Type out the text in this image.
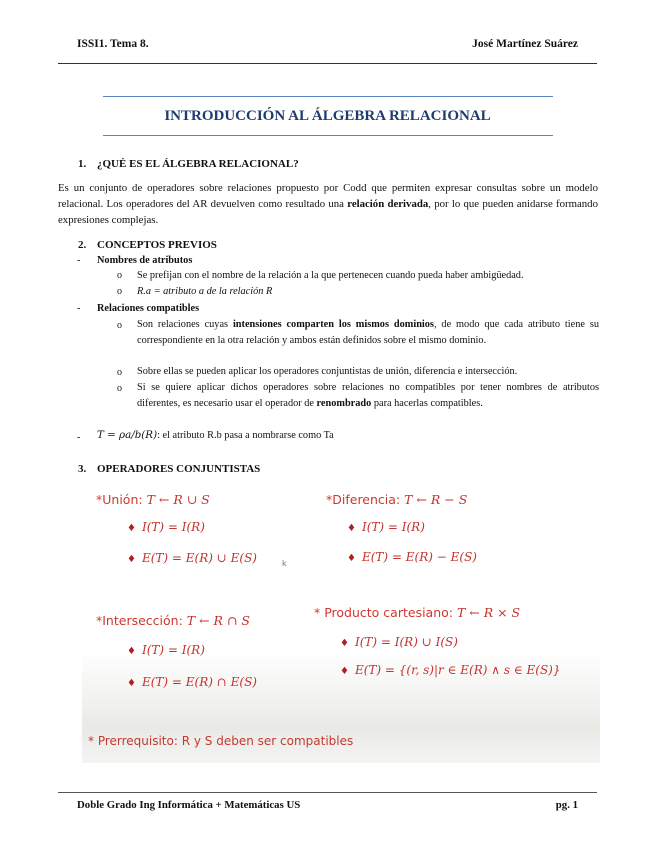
ISSI1. Tema 8.	José Martínez Suárez
INTRODUCCIÓN AL ÁLGEBRA RELACIONAL
1. ¿QUÉ ES EL ÁLGEBRA RELACIONAL?
Es un conjunto de operadores sobre relaciones propuesto por Codd que permiten expresar consultas sobre un modelo relacional. Los operadores del AR devuelven como resultado una relación derivada, por lo que pueden anidarse formando expresiones complejas.
2. CONCEPTOS PREVIOS
- Nombres de atributos
o Se prefijan con el nombre de la relación a la que pertenecen cuando pueda haber ambigüedad.
o R.a = atributo a de la relación R
- Relaciones compatibles
o Son relaciones cuyas intensiones comparten los mismos dominios, de modo que cada atributo tiene su correspondiente en la otra relación y ambos están definidos sobre el mismo dominio.
o Sobre ellas se pueden aplicar los operadores conjuntistas de unión, diferencia e intersección.
o Si se quiere aplicar dichos operadores sobre relaciones no compatibles por tener nombres de atributos diferentes, es necesario usar el operador de renombrado para hacerlas compatibles.
- T = ρa/b(R): el atributo R.b pasa a nombrarse como Ta
3. OPERADORES CONJUNTISTAS
*Unión: T ← R ∪ S
♦ I(T) = I(R)
♦ E(T) = E(R) ∪ E(S)	k
*Diferencia: T ← R − S
♦ I(T) = I(R)
♦ E(T) = E(R) − E(S)
*Intersección: T ← R ∩ S
♦ I(T) = I(R)
♦ E(T) = E(R) ∩ E(S)
* Producto cartesiano: T ← R × S
♦ I(T) = I(R) ∪ I(S)
♦ E(T) = {(r, s)|r ∈ E(R) ∧ s ∈ E(S)}
* Prerrequisito: R y S deben ser compatibles
Doble Grado Ing Informática + Matemáticas US	pg. 1
